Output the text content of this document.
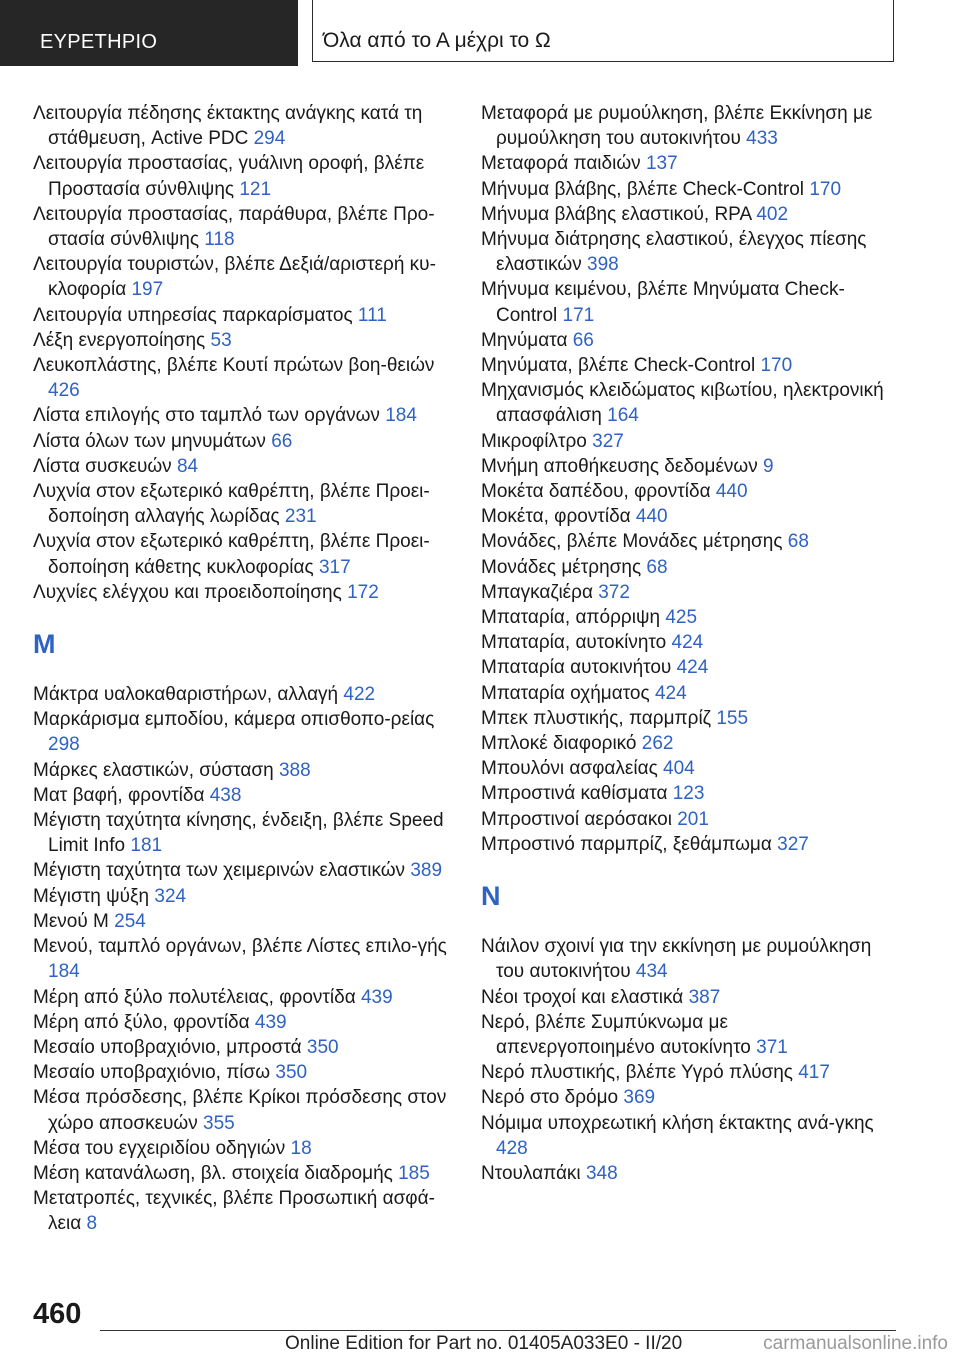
ΕΥΡΕΤΗΡΙΟ	Όλα από το Α μέχρι το Ω

Λειτουργία πέδησης έκτακτης ανάγκης κατά τη στάθμευση, Active PDC 294

Λειτουργία προστασίας, γυάλινη οροφή, βλέπε Προστασία σύνθλιψης 121

Λειτουργία προστασίας, παράθυρα, βλέπε Προ-στασία σύνθλιψης 118

Λειτουργία τουριστών, βλέπε Δεξιά/αριστερή κυ-κλοφορία 197

Λειτουργία υπηρεσίας παρκαρίσματος 111

Λέξη ενεργοποίησης 53

Λευκοπλάστης, βλέπε Κουτί πρώτων βοη-θειών 426

Λίστα επιλογής στο ταμπλό των οργάνων 184

Λίστα όλων των μηνυμάτων 66

Λίστα συσκευών 84

Λυχνία στον εξωτερικό καθρέπτη, βλέπε Προει-δοποίηση αλλαγής λωρίδας 231

Λυχνία στον εξωτερικό καθρέπτη, βλέπε Προει-δοποίηση κάθετης κυκλοφορίας 317

Λυχνίες ελέγχου και προειδοποίησης 172

Μ

Μάκτρα υαλοκαθαριστήρων, αλλαγή 422

Μαρκάρισμα εμποδίου, κάμερα οπισθοπο-ρείας 298

Μάρκες ελαστικών, σύσταση 388

Ματ βαφή, φροντίδα 438

Μέγιστη ταχύτητα κίνησης, ένδειξη, βλέπε Speed Limit Info 181

Μέγιστη ταχύτητα των χειμερινών ελαστικών 389

Μέγιστη ψύξη 324

Μενού Μ 254

Μενού, ταμπλό οργάνων, βλέπε Λίστες επιλο-γής 184

Μέρη από ξύλο πολυτέλειας, φροντίδα 439

Μέρη από ξύλο, φροντίδα 439

Μεσαίο υποβραχιόνιο, μπροστά 350

Μεσαίο υποβραχιόνιο, πίσω 350

Μέσα πρόσδεσης, βλέπε Κρίκοι πρόσδεσης στον χώρο αποσκευών 355

Μέσα του εγχειριδίου οδηγιών 18

Μέση κατανάλωση, βλ. στοιχεία διαδρομής 185

Μετατροπές, τεχνικές, βλέπε Προσωπική ασφά-λεια 8

Μεταφορά με ρυμούλκηση, βλέπε Εκκίνηση με ρυμούλκηση του αυτοκινήτου 433

Μεταφορά παιδιών 137

Μήνυμα βλάβης, βλέπε Check-Control 170

Μήνυμα βλάβης ελαστικού, RPA 402

Μήνυμα διάτρησης ελαστικού, έλεγχος πίεσης ελαστικών 398

Μήνυμα κειμένου, βλέπε Μηνύματα Check-Control 171

Μηνύματα 66

Μηνύματα, βλέπε Check-Control 170

Μηχανισμός κλειδώματος κιβωτίου, ηλεκτρονική απασφάλιση 164

Μικροφίλτρο 327

Μνήμη αποθήκευσης δεδομένων 9

Μοκέτα δαπέδου, φροντίδα 440

Μοκέτα, φροντίδα 440

Μονάδες, βλέπε Μονάδες μέτρησης 68

Μονάδες μέτρησης 68

Μπαγκαζιέρα 372

Μπαταρία, απόρριψη 425

Μπαταρία, αυτοκίνητο 424

Μπαταρία αυτοκινήτου 424

Μπαταρία οχήματος 424

Μπεκ πλυστικής, παρμπρίζ 155

Μπλοκέ διαφορικό 262

Μπουλόνι ασφαλείας 404

Μπροστινά καθίσματα 123

Μπροστινοί αερόσακοι 201

Μπροστινό παρμπρίζ, ξεθάμπωμα 327

Ν

Νάιλον σχοινί για την εκκίνηση με ρυμούλκηση του αυτοκινήτου 434

Νέοι τροχοί και ελαστικά 387

Νερό, βλέπε Συμπύκνωμα με απενεργοποιημένο αυτοκίνητο 371

Νερό πλυστικής, βλέπε Υγρό πλύσης 417

Νερό στο δρόμο 369

Νόμιμα υποχρεωτική κλήση έκτακτης ανά-γκης 428

Ντουλαπάκι 348

460
Online Edition for Part no. 01405A033E0 - II/20	carmanualsonline.info
